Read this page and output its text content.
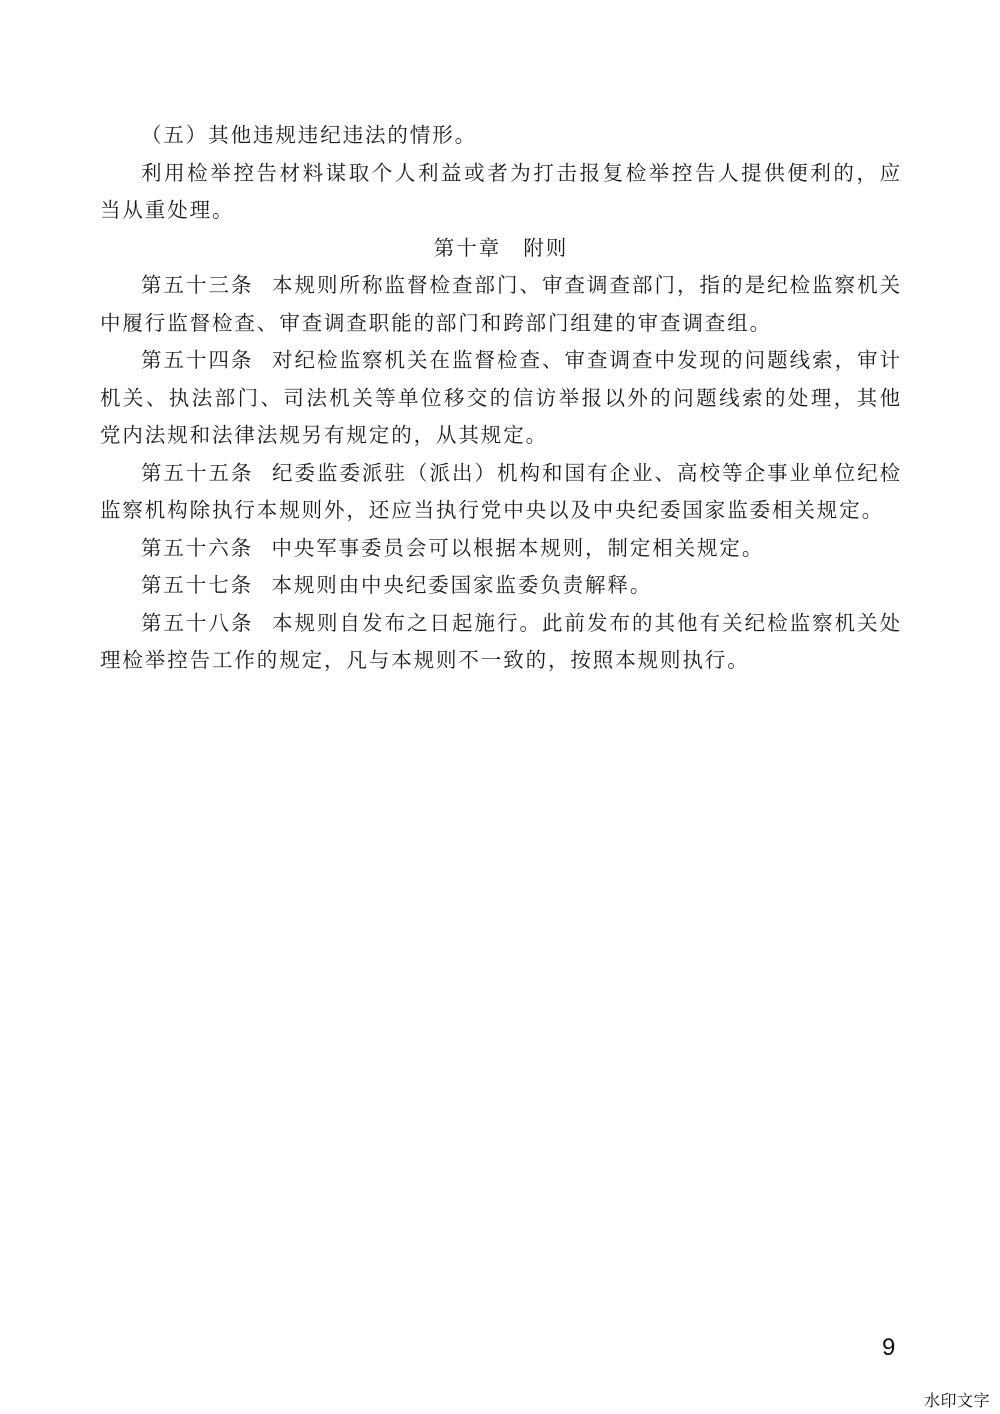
（五）其他违规违纪违法的情形。

利用检举控告材料谋取个人利益或者为打击报复检举控告人提供便利的，应当从重处理。

第十章　附则

第五十三条 本规则所称监督检查部门、审查调查部门，指的是纪检监察机关中履行监督检查、审查调查职能的部门和跨部门组建的审查调查组。

第五十四条 对纪检监察机关在监督检查、审查调查中发现的问题线索，审计机关、执法部门、司法机关等单位移交的信访举报以外的问题线索的处理，其他党内法规和法律法规另有规定的，从其规定。

第五十五条 纪委监委派驻（派出）机构和国有企业、高校等企事业单位纪检监察机构除执行本规则外，还应当执行党中央以及中央纪委国家监委相关规定。

第五十六条 中央军事委员会可以根据本规则，制定相关规定。

第五十七条 本规则由中央纪委国家监委负责解释。

第五十八条 本规则自发布之日起施行。此前发布的其他有关纪检监察机关处理检举控告工作的规定，凡与本规则不一致的，按照本规则执行。

9
水印文字
